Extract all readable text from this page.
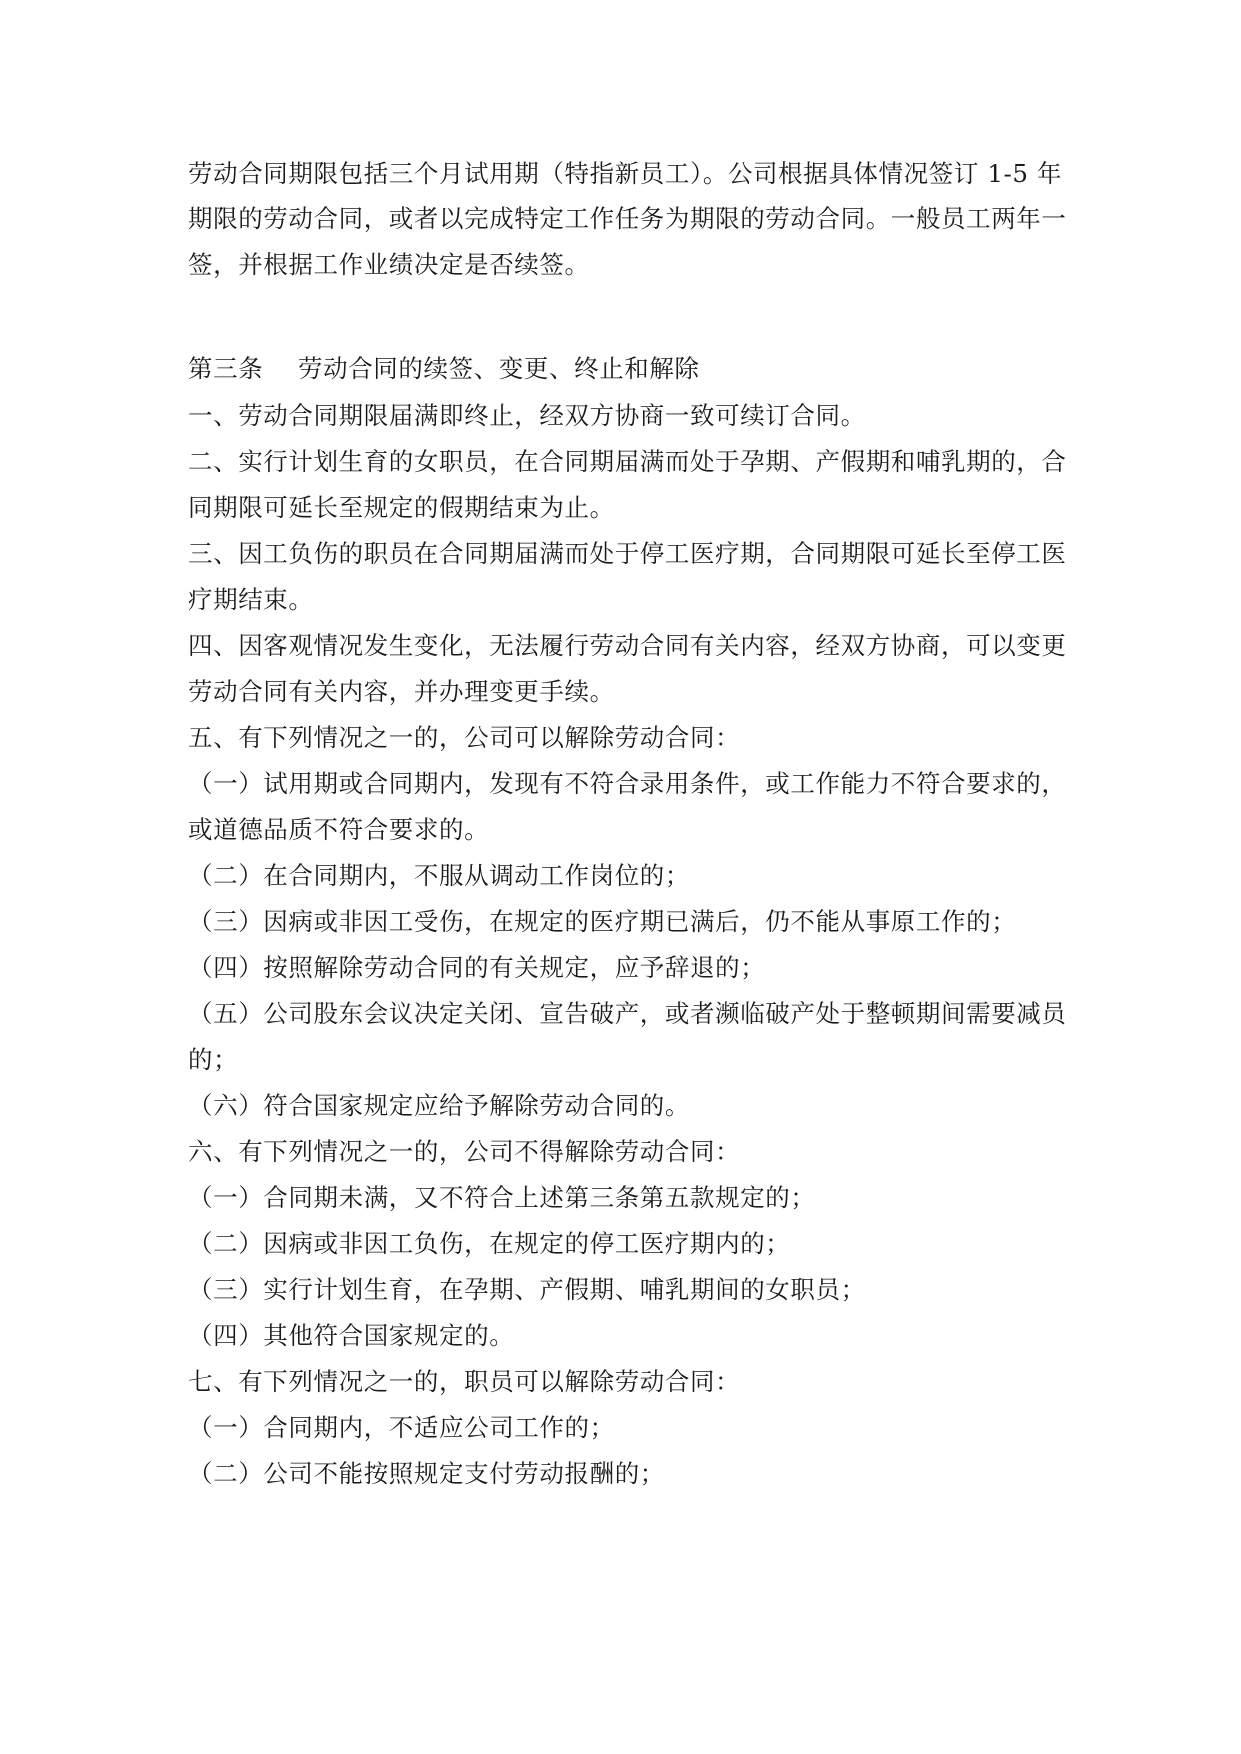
劳动合同期限包括三个月试用期（特指新员工）。公司根据具体情况签订 1-5 年
期限的劳动合同，或者以完成特定工作任务为期限的劳动合同。一般员工两年一
签，并根据工作业绩决定是否续签。
第三条 劳动合同的续签、变更、终止和解除
一、劳动合同期限届满即终止，经双方协商一致可续订合同。
二、实行计划生育的女职员，在合同期届满而处于孕期、产假期和哺乳期的，合
同期限可延长至规定的假期结束为止。
三、因工负伤的职员在合同期届满而处于停工医疗期，合同期限可延长至停工医
疗期结束。
四、因客观情况发生变化，无法履行劳动合同有关内容，经双方协商，可以变更
劳动合同有关内容，并办理变更手续。
五、有下列情况之一的，公司可以解除劳动合同：
（一）试用期或合同期内，发现有不符合录用条件，或工作能力不符合要求的，
或道德品质不符合要求的。
（二）在合同期内，不服从调动工作岗位的；
（三）因病或非因工受伤，在规定的医疗期已满后，仍不能从事原工作的；
（四）按照解除劳动合同的有关规定，应予辞退的；
（五）公司股东会议决定关闭、宣告破产，或者濒临破产处于整顿期间需要减员
的；
（六）符合国家规定应给予解除劳动合同的。
六、有下列情况之一的，公司不得解除劳动合同：
（一）合同期未满，又不符合上述第三条第五款规定的；
（二）因病或非因工负伤，在规定的停工医疗期内的；
（三）实行计划生育，在孕期、产假期、哺乳期间的女职员；
（四）其他符合国家规定的。
七、有下列情况之一的，职员可以解除劳动合同：
（一）合同期内，不适应公司工作的；
（二）公司不能按照规定支付劳动报酬的；
